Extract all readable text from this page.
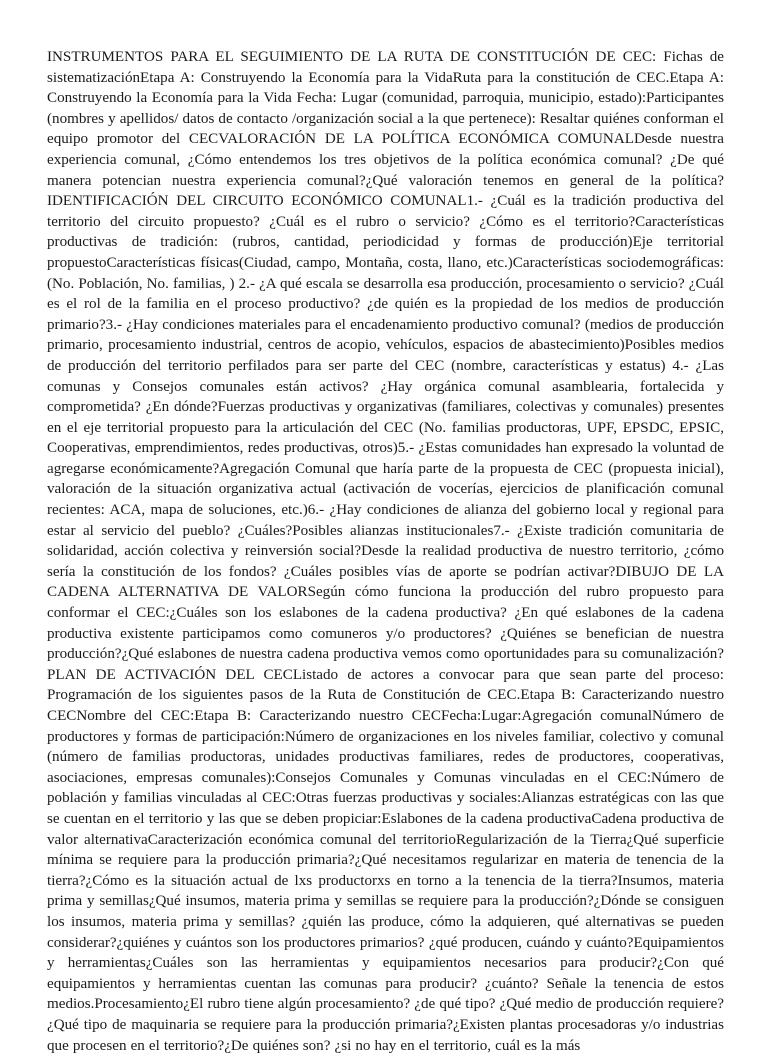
INSTRUMENTOS PARA EL SEGUIMIENTO DE LA RUTA DE CONSTITUCIÓN DE CEC: Fichas de sistematizaciónEtapa A: Construyendo la Economía para la VidaRuta para la constitución de CEC.Etapa A: Construyendo la Economía para la Vida Fecha: Lugar (comunidad, parroquia, municipio, estado):Participantes (nombres y apellidos/ datos de contacto /organización social a la que pertenece): Resaltar quiénes conforman el equipo promotor del CECVALORACIÓN DE LA POLÍTICA ECONÓMICA COMUNALDesde nuestra experiencia comunal, ¿Cómo entendemos los tres objetivos de la política económica comunal? ¿De qué manera potencian nuestra experiencia comunal?¿Qué valoración tenemos en general de la política?IDENTIFICACIÓN DEL CIRCUITO ECONÓMICO COMUNAL1.- ¿Cuál es la tradición productiva del territorio del circuito propuesto? ¿Cuál es el rubro o servicio? ¿Cómo es el territorio?Características productivas de tradición: (rubros, cantidad, periodicidad y formas de producción)Eje territorial propuestoCaracterísticas físicas(Ciudad, campo, Montaña, costa, llano, etc.)Características sociodemográficas:(No. Población, No. familias, ) 2.- ¿A qué escala se desarrolla esa producción, procesamiento o servicio? ¿Cuál es el rol de la familia en el proceso productivo? ¿de quién es la propiedad de los medios de producción primario?3.- ¿Hay condiciones materiales para el encadenamiento productivo comunal? (medios de producción primario, procesamiento industrial, centros de acopio, vehículos, espacios de abastecimiento)Posibles medios de producción del territorio perfilados para ser parte del CEC (nombre, características y estatus) 4.- ¿Las comunas y Consejos comunales están activos? ¿Hay orgánica comunal asamblearia, fortalecida y comprometida? ¿En dónde?Fuerzas productivas y organizativas (familiares, colectivas y comunales) presentes en el eje territorial propuesto para la articulación del CEC (No. familias productoras, UPF, EPSDC, EPSIC, Cooperativas, emprendimientos, redes productivas, otros)5.- ¿Estas comunidades han expresado la voluntad de agregarse económicamente?Agregación Comunal que haría parte de la propuesta de CEC (propuesta inicial), valoración de la situación organizativa actual (activación de vocerías, ejercicios de planificación comunal recientes: ACA, mapa de soluciones, etc.)6.- ¿Hay condiciones de alianza del gobierno local y regional para estar al servicio del pueblo? ¿Cuáles?Posibles alianzas institucionales7.- ¿Existe tradición comunitaria de solidaridad, acción colectiva y reinversión social?Desde la realidad productiva de nuestro territorio, ¿cómo sería la constitución de los fondos? ¿Cuáles posibles vías de aporte se podrían activar?DIBUJO DE LA CADENA ALTERNATIVA DE VALORSegún cómo funciona la producción del rubro propuesto para conformar el CEC:¿Cuáles son los eslabones de la cadena productiva? ¿En qué eslabones de la cadena productiva existente participamos como comuneros y/o productores? ¿Quiénes se benefician de nuestra producción?¿Qué eslabones de nuestra cadena productiva vemos como oportunidades para su comunalización?PLAN DE ACTIVACIÓN DEL CECListado de actores a convocar para que sean parte del proceso: Programación de los siguientes pasos de la Ruta de Constitución de CEC.Etapa B: Caracterizando nuestro CECNombre del CEC:Etapa B: Caracterizando nuestro CECFecha:Lugar:Agregación comunalNúmero de productores y formas de participación:Número de organizaciones en los niveles familiar, colectivo y comunal (número de familias productoras, unidades productivas familiares, redes de productores, cooperativas, asociaciones, empresas comunales):Consejos Comunales y Comunas vinculadas en el CEC:Número de población y familias vinculadas al CEC:Otras fuerzas productivas y sociales:Alianzas estratégicas con las que se cuentan en el territorio y las que se deben propiciar:Eslabones de la cadena productivaCadena productiva de valor alternativaCaracterización económica comunal del territorioRegularización de la Tierra¿Qué superficie mínima se requiere para la producción primaria?¿Qué necesitamos regularizar en materia de tenencia de la tierra?¿Cómo es la situación actual de lxs productorxs en torno a la tenencia de la tierra?Insumos, materia prima y semillas¿Qué insumos, materia prima y semillas se requiere para la producción?¿Dónde se consiguen los insumos, materia prima y semillas? ¿quién las produce, cómo la adquieren, qué alternativas se pueden considerar?¿quiénes y cuántos son los productores primarios? ¿qué producen, cuándo y cuánto?Equipamientos y herramientas¿Cuáles son las herramientas y equipamientos necesarios para producir?¿Con qué equipamientos y herramientas cuentan las comunas para producir? ¿cuánto? Señale la tenencia de estos medios.Procesamiento¿El rubro tiene algún procesamiento? ¿de qué tipo? ¿Qué medio de producción requiere?¿Qué tipo de maquinaria se requiere para la producción primaria?¿Existen plantas procesadoras y/o industrias que procesen en el territorio?¿De quiénes son? ¿si no hay en el territorio, cuál es la más
